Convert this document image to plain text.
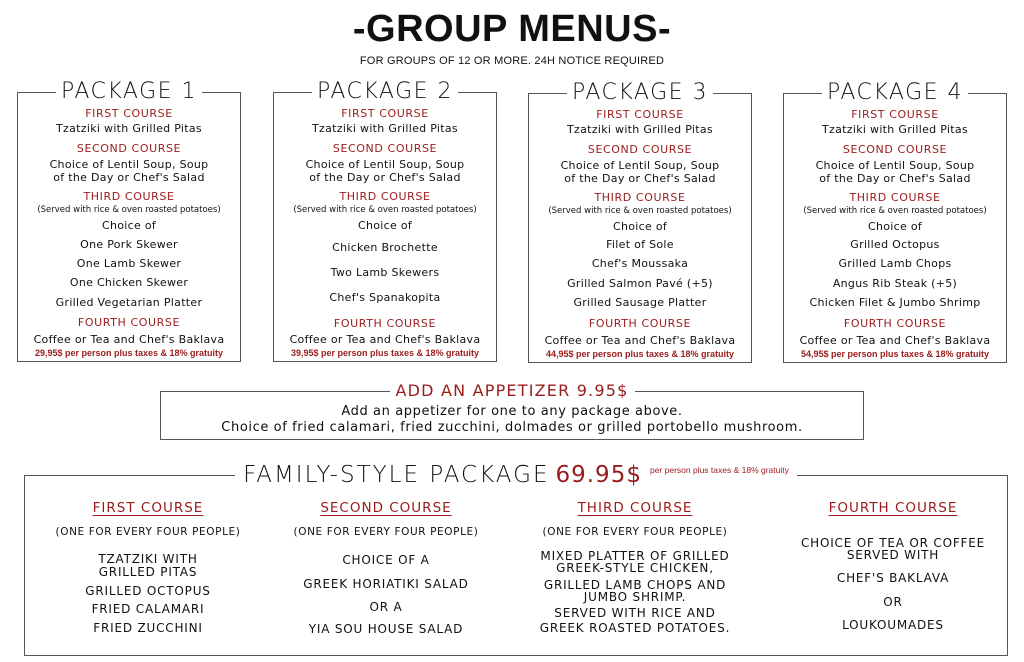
-GROUP MENUS-
FOR GROUPS OF 12 OR MORE. 24H NOTICE REQUIRED
PACKAGE 1
FIRST COURSE
Tzatziki with Grilled Pitas
SECOND COURSE
Choice of Lentil Soup, Soup
of the Day or Chef's Salad
THIRD COURSE
(Served with rice & oven roasted potatoes)
Choice of
One Pork Skewer
One Lamb Skewer
One Chicken Skewer
Grilled Vegetarian Platter
FOURTH COURSE
Coffee or Tea and Chef's Baklava
29,95$ per person plus taxes & 18% gratuity
PACKAGE 2
FIRST COURSE
Tzatziki with Grilled Pitas
SECOND COURSE
Choice of Lentil Soup, Soup
of the Day or Chef's Salad
THIRD COURSE
(Served with rice & oven roasted potatoes)
Choice of
Chicken Brochette
Two Lamb Skewers
Chef's Spanakopita
FOURTH COURSE
Coffee or Tea and Chef's Baklava
39,95$ per person plus taxes & 18% gratuity
PACKAGE 3
FIRST COURSE
Tzatziki with Grilled Pitas
SECOND COURSE
Choice of Lentil Soup, Soup
of the Day or Chef's Salad
THIRD COURSE
(Served with rice & oven roasted potatoes)
Choice of
Filet of Sole
Chef's Moussaka
Grilled Salmon Pavé (+5)
Grilled Sausage Platter
FOURTH COURSE
Coffee or Tea and Chef's Baklava
44,95$ per person plus taxes & 18% gratuity
PACKAGE 4
FIRST COURSE
Tzatziki with Grilled Pitas
SECOND COURSE
Choice of Lentil Soup, Soup
of the Day or Chef's Salad
THIRD COURSE
(Served with rice & oven roasted potatoes)
Choice of
Grilled Octopus
Grilled Lamb Chops
Angus Rib Steak (+5)
Chicken Filet & Jumbo Shrimp
FOURTH COURSE
Coffee or Tea and Chef's Baklava
54,95$ per person plus taxes & 18% gratuity
ADD AN APPETIZER 9.95$
Add an appetizer for one to any package above.
Choice of fried calamari, fried zucchini, dolmades or grilled portobello mushroom.
FAMILY-STYLE PACKAGE 69.95$ $^{per person plus taxes \& 18\% gratuity}$
FIRST COURSE
(ONE FOR EVERY FOUR PEOPLE)
TZATZIKI WITH
GRILLED PITAS
GRILLED OCTOPUS
FRIED CALAMARI
FRIED ZUCCHINI
SECOND COURSE
(ONE FOR EVERY FOUR PEOPLE)
CHOICE OF A
GREEK HORIATIKI SALAD
OR A
YIA SOU HOUSE SALAD
THIRD COURSE
(ONE FOR EVERY FOUR PEOPLE)
MIXED PLATTER OF GRILLED
GREEK-STYLE CHICKEN,
GRILLED LAMB CHOPS AND
JUMBO SHRIMP.
SERVED WITH RICE AND
GREEK ROASTED POTATOES.
FOURTH COURSE
CHOICE OF TEA OR COFFEE
SERVED WITH
CHEF'S BAKLAVA
OR
LOUKOUMADES
